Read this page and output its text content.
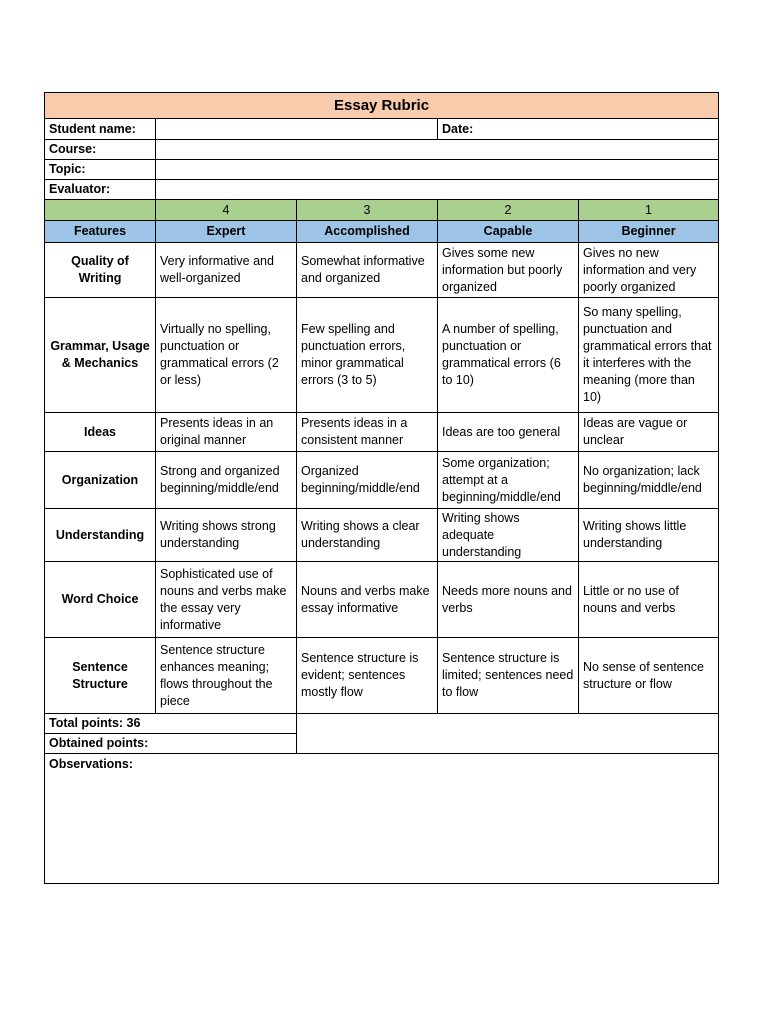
Essay Rubric				
Student name:			Date:	
Course:				
Topic:				
Evaluator:				
	4	3	2	1
Features	Expert	Accomplished	Capable	Beginner
Quality of Writing	Very informative and well-organized	Somewhat informative and organized	Gives some new information but poorly organized	Gives no new information and very poorly organized
Grammar, Usage & Mechanics	Virtually no spelling, punctuation or grammatical errors (2 or less)	Few spelling and punctuation errors, minor grammatical errors (3 to 5)	A number of spelling, punctuation or grammatical errors (6 to 10)	So many spelling, punctuation and grammatical errors that it interferes with the meaning (more than 10)
Ideas	Presents ideas in an original manner	Presents ideas in a consistent manner	Ideas are too general	Ideas are vague or unclear
Organization	Strong and organized beginning/middle/end	Organized beginning/middle/end	Some organization; attempt at a beginning/middle/end	No organization; lack beginning/middle/end
Understanding	Writing shows strong understanding	Writing shows a clear understanding	Writing shows adequate understanding	Writing shows little understanding
Word Choice	Sophisticated use of nouns and verbs make the essay very informative	Nouns and verbs make essay informative	Needs more nouns and verbs	Little or no use of nouns and verbs
Sentence Structure	Sentence structure enhances meaning; flows throughout the piece	Sentence structure is evident; sentences mostly flow	Sentence structure is limited; sentences need to flow	No sense of sentence structure or flow
Total points: 36				
Obtained points:				
Observations:				
